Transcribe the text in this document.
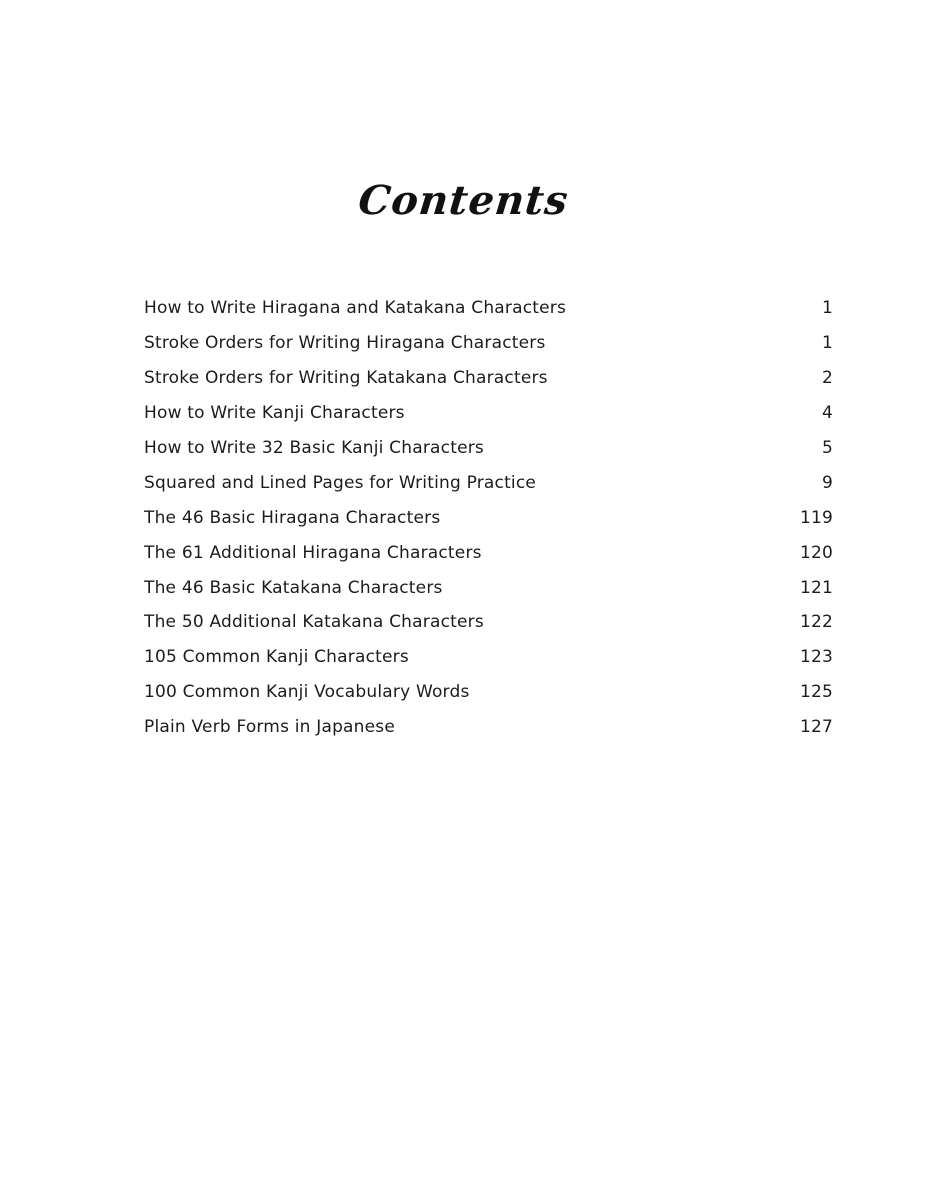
Contents
How to Write Hiragana and Katakana Characters	1
Stroke Orders for Writing Hiragana Characters	1
Stroke Orders for Writing Katakana Characters	2
How to Write Kanji Characters	4
How to Write 32 Basic Kanji Characters	5
Squared and Lined Pages for Writing Practice	9
The 46 Basic Hiragana Characters	119
The 61 Additional Hiragana Characters	120
The 46 Basic Katakana Characters	121
The 50 Additional Katakana Characters	122
105 Common Kanji Characters	123
100 Common Kanji Vocabulary Words	125
Plain Verb Forms in Japanese	127
